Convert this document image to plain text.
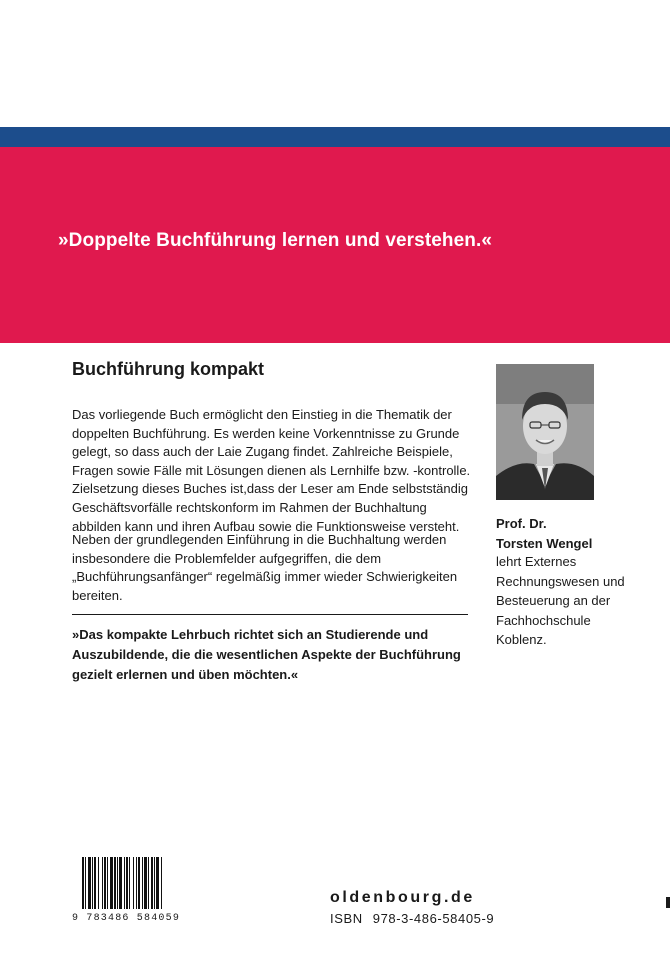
»Doppelte Buchführung lernen und verstehen.«
Buchführung kompakt
Das vorliegende Buch ermöglicht den Einstieg in die Thematik der doppelten Buchführung. Es werden keine Vorkenntnisse zu Grunde gelegt, so dass auch der Laie Zugang findet. Zahlreiche Beispiele, Fragen sowie Fälle mit Lösungen dienen als Lernhilfe bzw. -kontrolle. Zielsetzung dieses Buches ist,dass der Leser am Ende selbstständig Geschäftsvorfälle rechtskonform im Rahmen der Buchhaltung abbilden kann und ihren Aufbau sowie die Funktionsweise versteht.
Neben der grundlegenden Einführung in die Buchhaltung werden insbesondere die Problemfelder aufgegriffen, die dem „Buchführungsanfänger“ regelmäßig immer wieder Schwierigkeiten bereiten.
»Das kompakte Lehrbuch richtet sich an Studierende und Auszubildende, die die wesentlichen Aspekte der Buchführung gezielt erlernen und üben möchten.«
Prof. Dr.
Torsten Wengel
lehrt Externes Rechnungswesen und Besteuerung an der Fachhochschule Koblenz.
9 783486 584059
oldenbourg.de
ISBN 978-3-486-58405-9
